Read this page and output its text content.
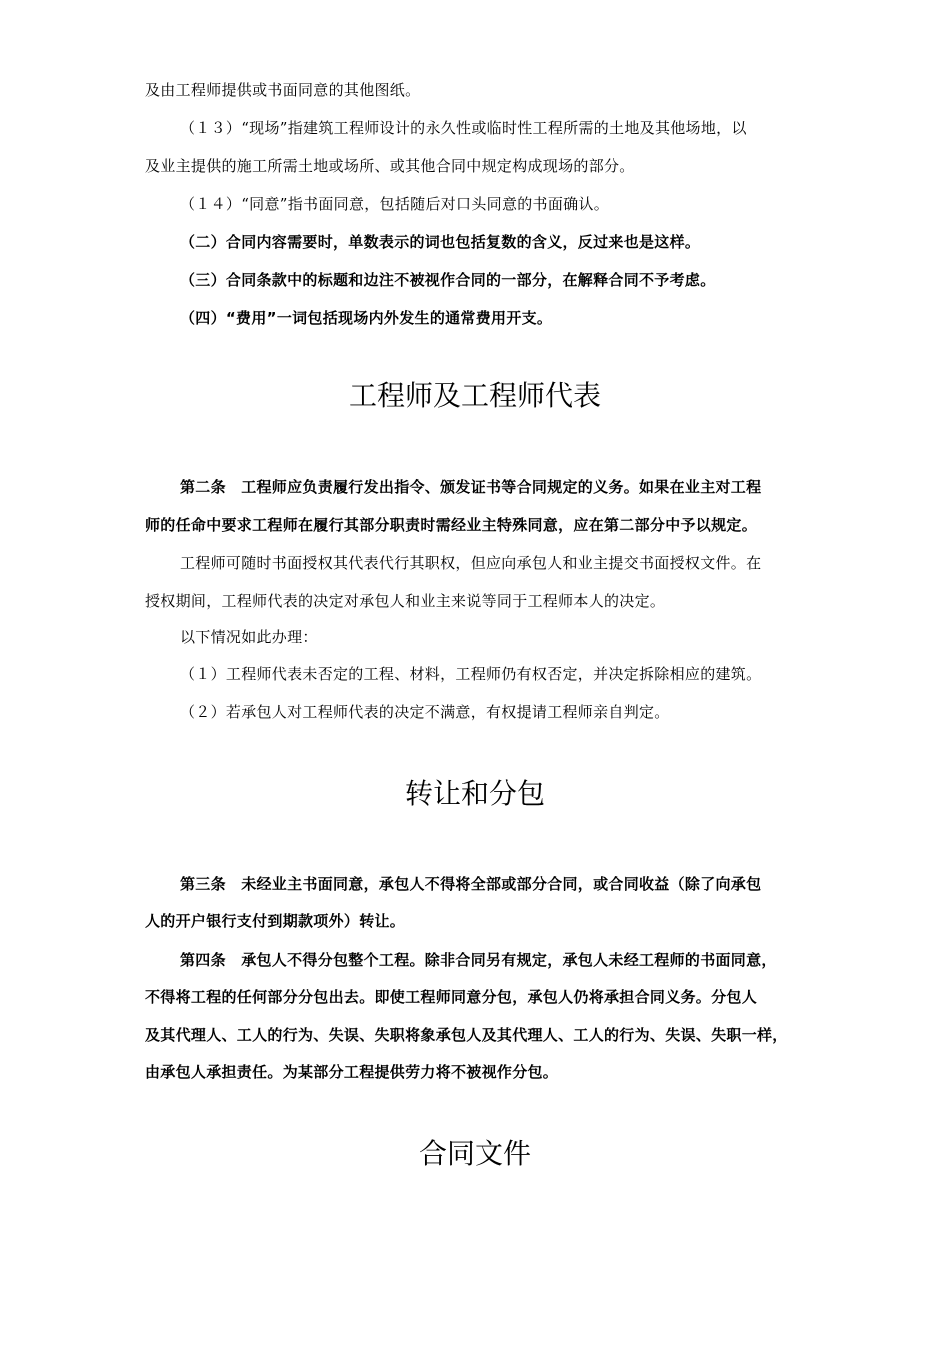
及由工程师提供或书面同意的其他图纸。
（１３）“现场”指建筑工程师设计的永久性或临时性工程所需的土地及其他场地，以
及业主提供的施工所需土地或场所、或其他合同中规定构成现场的部分。
（１４）“同意”指书面同意，包括随后对口头同意的书面确认。
（二）合同内容需要时，单数表示的词也包括复数的含义，反过来也是这样。
（三）合同条款中的标题和边注不被视作合同的一部分，在解释合同不予考虑。
（四）“费用”一词包括现场内外发生的通常费用开支。
工程师及工程师代表
第二条　工程师应负责履行发出指令、颁发证书等合同规定的义务。如果在业主对工程
师的任命中要求工程师在履行其部分职责时需经业主特殊同意，应在第二部分中予以规定。
工程师可随时书面授权其代表代行其职权，但应向承包人和业主提交书面授权文件。在
授权期间，工程师代表的决定对承包人和业主来说等同于工程师本人的决定。
以下情况如此办理：
（１）工程师代表未否定的工程、材料，工程师仍有权否定，并决定拆除相应的建筑。
（２）若承包人对工程师代表的决定不满意，有权提请工程师亲自判定。
转让和分包
第三条　未经业主书面同意，承包人不得将全部或部分合同，或合同收益（除了向承包
人的开户银行支付到期款项外）转让。
第四条　承包人不得分包整个工程。除非合同另有规定，承包人未经工程师的书面同意，
不得将工程的任何部分分包出去。即使工程师同意分包，承包人仍将承担合同义务。分包人
及其代理人、工人的行为、失误、失职将象承包人及其代理人、工人的行为、失误、失职一样，
由承包人承担责任。为某部分工程提供劳力将不被视作分包。
合同文件
